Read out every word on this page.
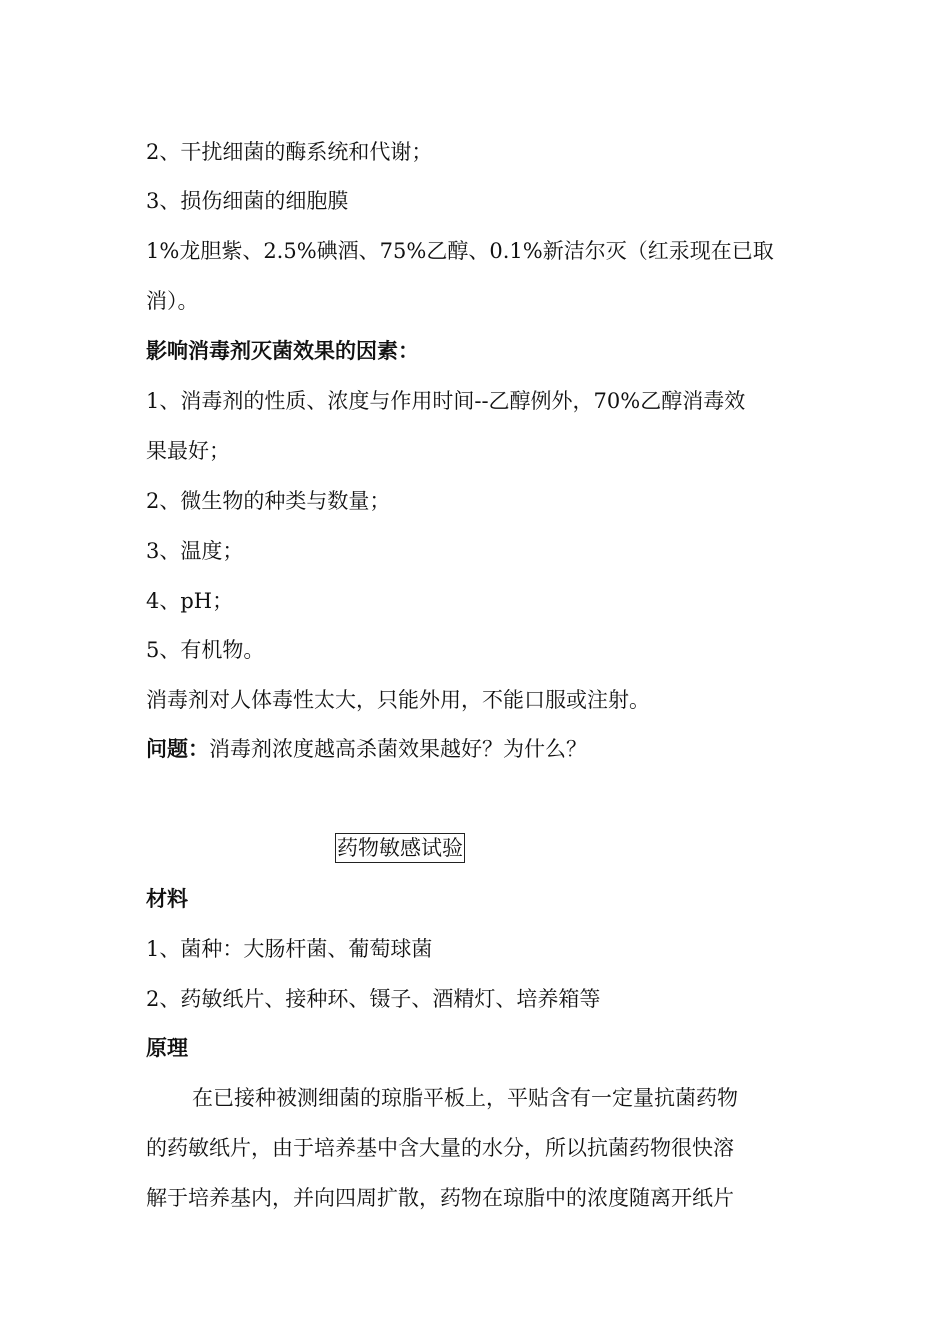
2、干扰细菌的酶系统和代谢；
3、损伤细菌的细胞膜
1%龙胆紫、2.5%碘酒、75%乙醇、0.1%新洁尔灭（红汞现在已取
消）。
影响消毒剂灭菌效果的因素：
1、消毒剂的性质、浓度与作用时间--乙醇例外，70%乙醇消毒效
果最好；
2、微生物的种类与数量；
3、温度；
4、pH；
5、有机物。
消毒剂对人体毒性太大，只能外用，不能口服或注射。
问题：消毒剂浓度越高杀菌效果越好？为什么？
药物敏感试验
材料
1、菌种：大肠杆菌、葡萄球菌
2、药敏纸片、接种环、镊子、酒精灯、培养箱等
原理
在已接种被测细菌的琼脂平板上，平贴含有一定量抗菌药物
的药敏纸片，由于培养基中含大量的水分，所以抗菌药物很快溶
解于培养基内，并向四周扩散，药物在琼脂中的浓度随离开纸片
